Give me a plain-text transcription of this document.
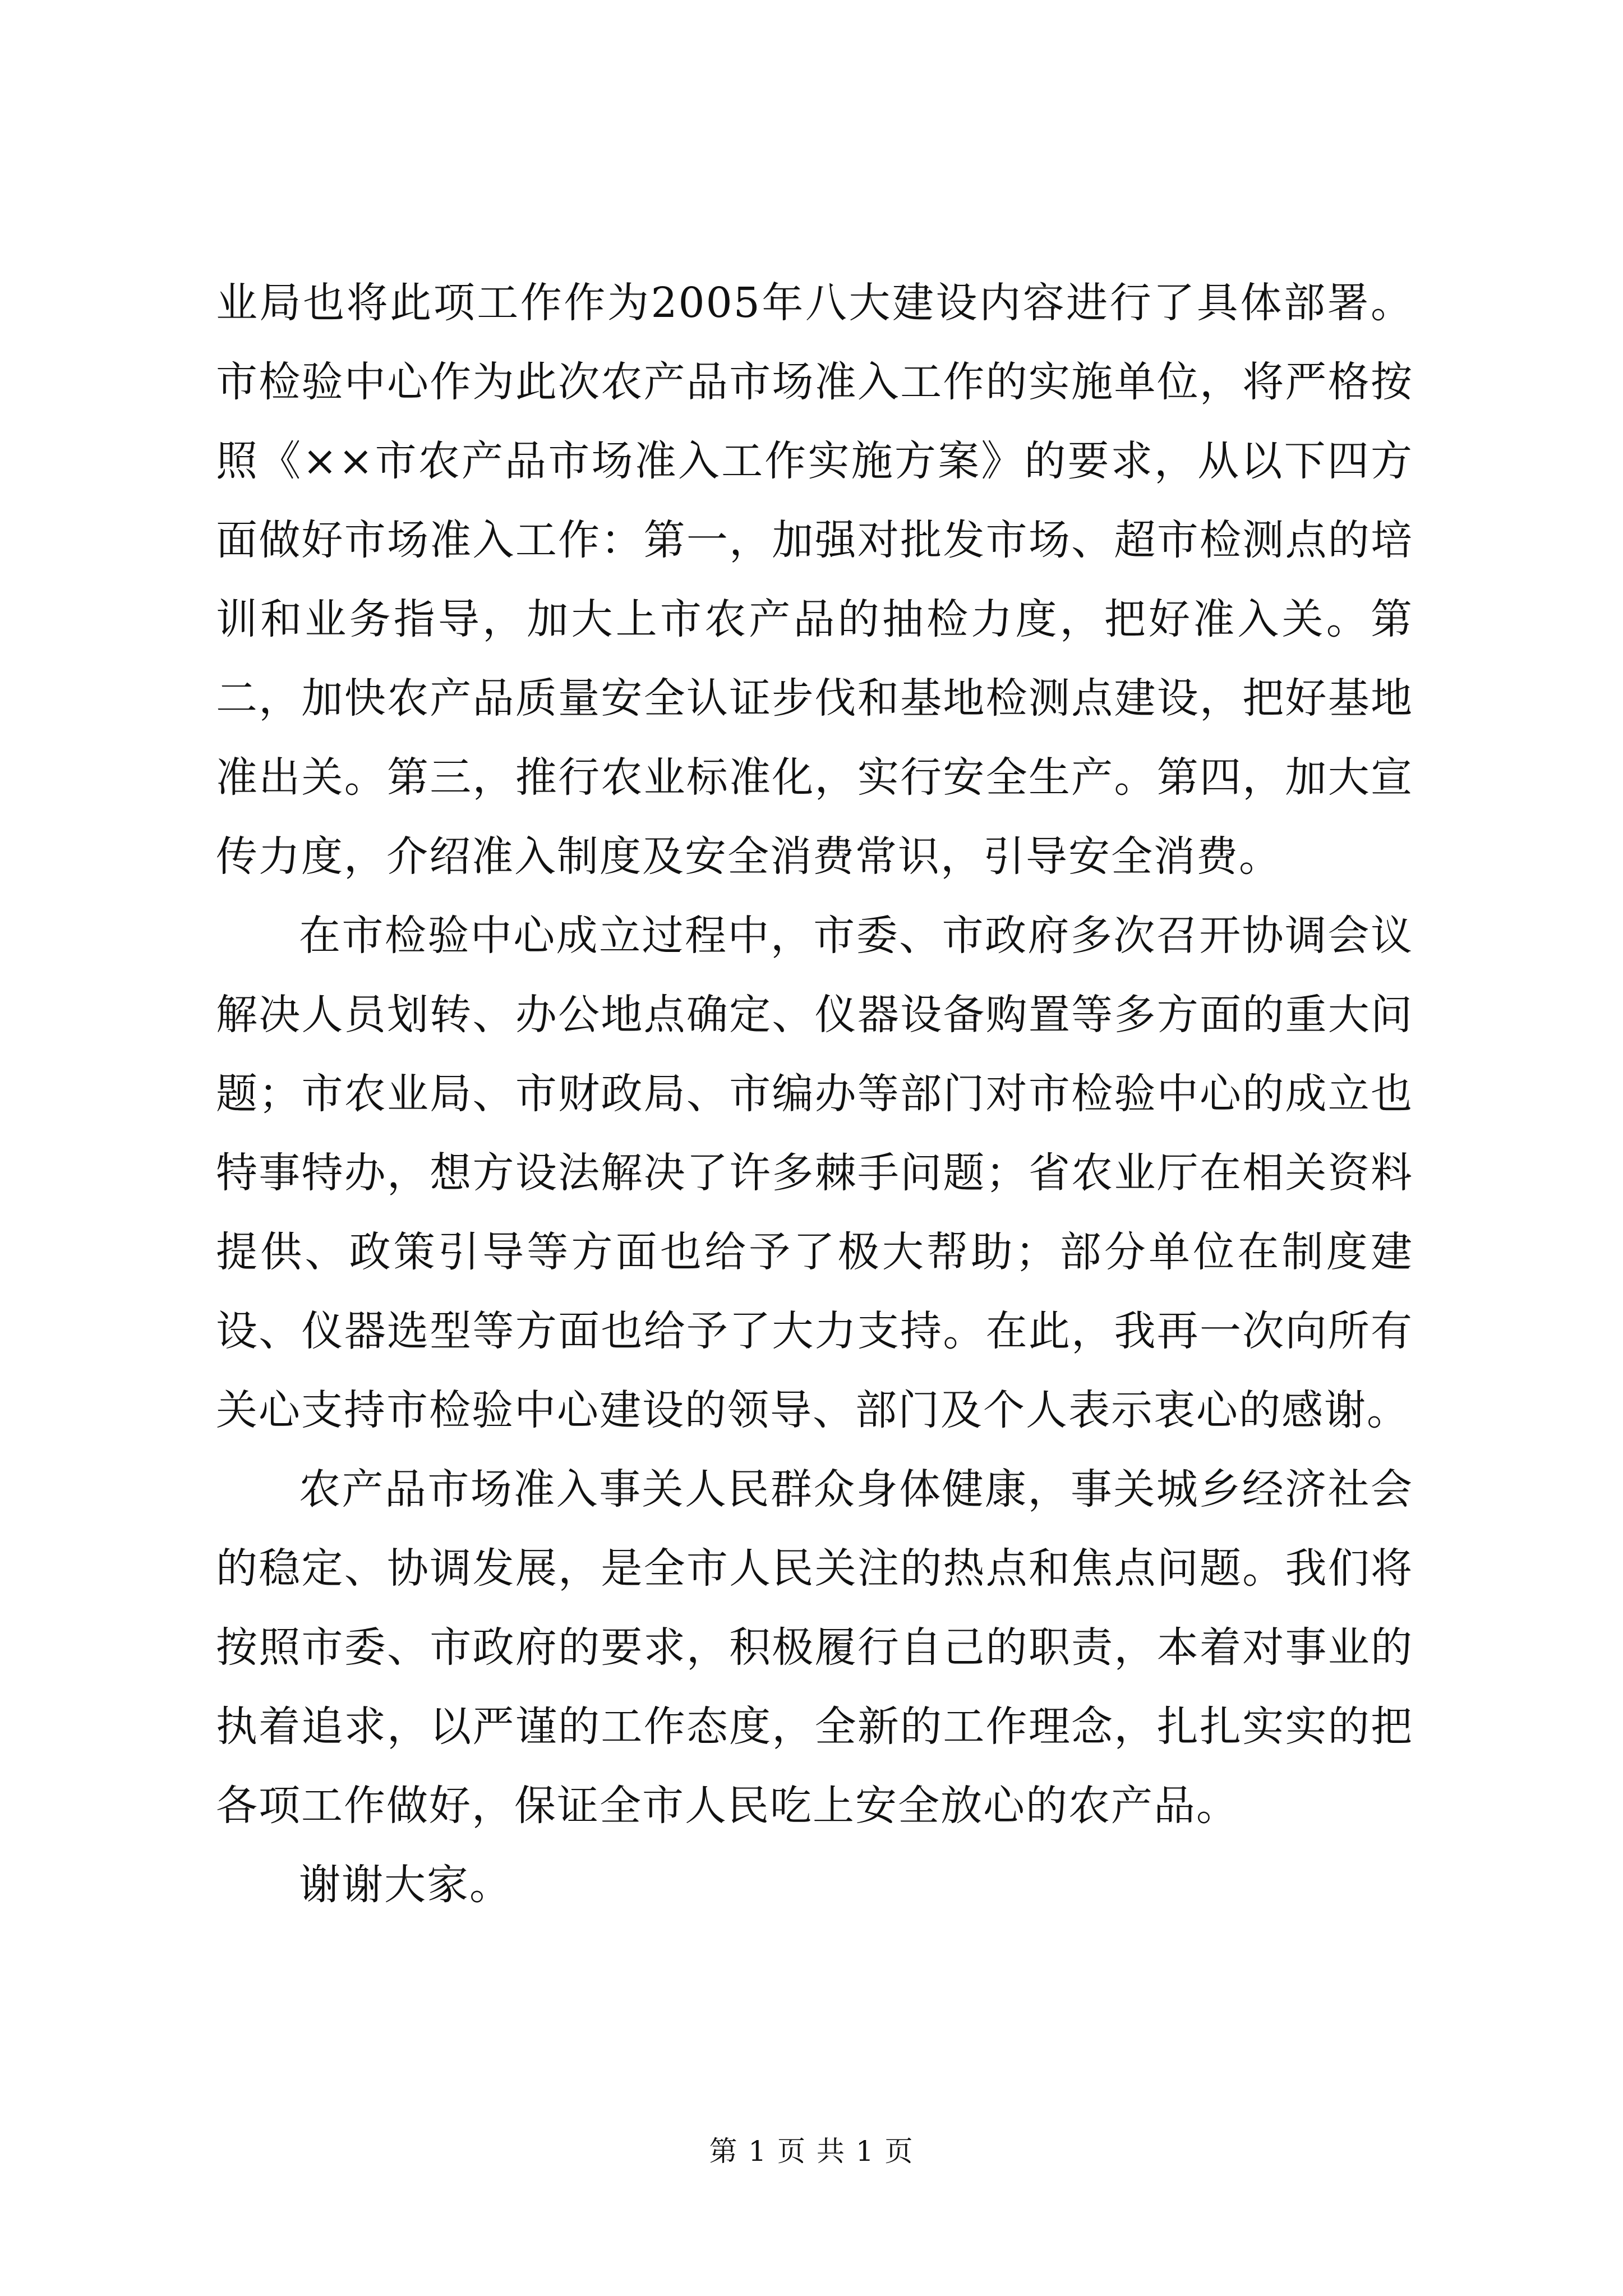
业局也将此项工作作为2005年八大建设内容进行了具体部署。市检验中心作为此次农产品市场准入工作的实施单位，将严格按照《××市农产品市场准入工作实施方案》的要求，从以下四方面做好市场准入工作：第一，加强对批发市场、超市检测点的培训和业务指导，加大上市农产品的抽检力度，把好准入关。第二，加快农产品质量安全认证步伐和基地检测点建设，把好基地准出关。第三，推行农业标准化，实行安全生产。第四，加大宣传力度，介绍准入制度及安全消费常识，引导安全消费。

在市检验中心成立过程中，市委、市政府多次召开协调会议解决人员划转、办公地点确定、仪器设备购置等多方面的重大问题；市农业局、市财政局、市编办等部门对市检验中心的成立也特事特办，想方设法解决了许多棘手问题；省农业厅在相关资料提供、政策引导等方面也给予了极大帮助；部分单位在制度建设、仪器选型等方面也给予了大力支持。在此，我再一次向所有关心支持市检验中心建设的领导、部门及个人表示衷心的感谢。

农产品市场准入事关人民群众身体健康，事关城乡经济社会的稳定、协调发展，是全市人民关注的热点和焦点问题。我们将按照市委、市政府的要求，积极履行自己的职责，本着对事业的执着追求，以严谨的工作态度，全新的工作理念，扎扎实实的把各项工作做好，保证全市人民吃上安全放心的农产品。

谢谢大家。

第 1 页 共 1 页
